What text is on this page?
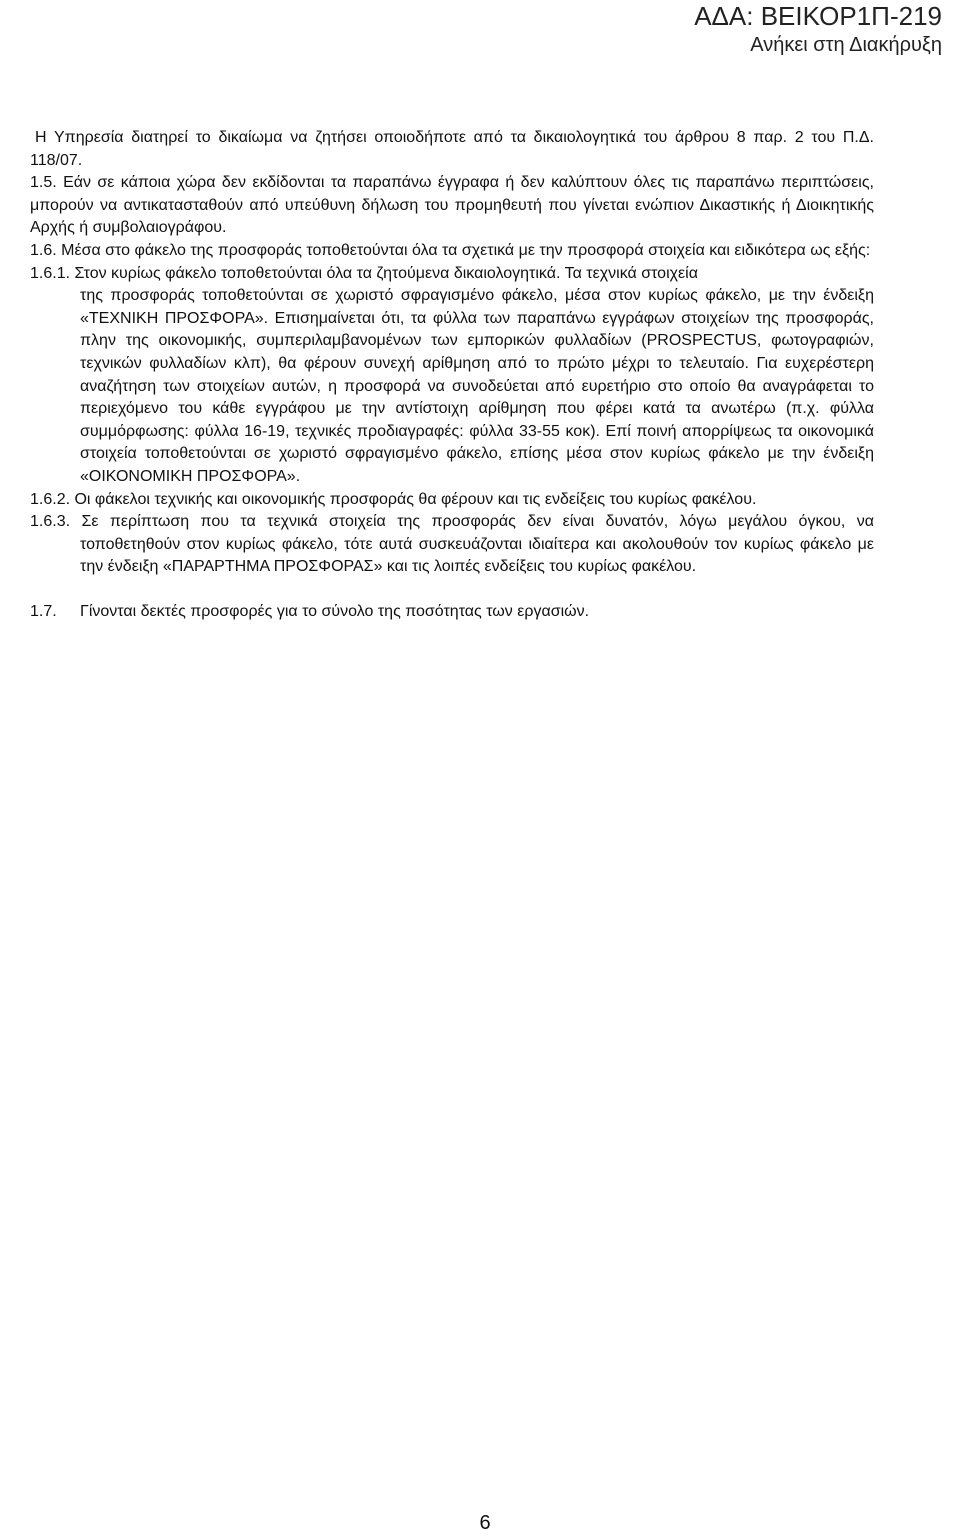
ΑΔΑ: ΒΕΙΚΟΡ1Π-219
Ανήκει στη Διακήρυξη

Η Υπηρεσία διατηρεί το δικαίωμα να ζητήσει οποιοδήποτε από τα δικαιολογητικά του άρθρου 8 παρ. 2 του Π.Δ. 118/07.

1.5. Εάν σε κάποια χώρα δεν εκδίδονται τα παραπάνω έγγραφα ή δεν καλύπτουν όλες τις παραπάνω περιπτώσεις, μπορούν να αντικατασταθούν από υπεύθυνη δήλωση του προμηθευτή που γίνεται ενώπιον Δικαστικής ή Διοικητικής Αρχής ή συμβολαιογράφου.

1.6. Μέσα στο φάκελο της προσφοράς τοποθετούνται όλα τα σχετικά με την προσφορά στοιχεία και ειδικότερα ως εξής:

1.6.1. Στον κυρίως φάκελο τοποθετούνται όλα τα ζητούμενα δικαιολογητικά. Τα τεχνικά στοιχεία

της προσφοράς τοποθετούνται σε χωριστό σφραγισμένο φάκελο, μέσα στον κυρίως φάκελο, με την ένδειξη «ΤΕΧΝΙΚΗ ΠΡΟΣΦΟΡΑ». Επισημαίνεται ότι, τα φύλλα των παραπάνω εγγράφων στοιχείων της προσφοράς, πλην της οικονομικής, συμπεριλαμβανομένων των εμπορικών φυλλαδίων (PROSPECTUS, φωτογραφιών, τεχνικών φυλλαδίων κλπ), θα φέρουν συνεχή αρίθμηση από το πρώτο μέχρι το τελευταίο. Για ευχερέστερη αναζήτηση των στοιχείων αυτών, η προσφορά να συνοδεύεται από ευρετήριο στο οποίο θα αναγράφεται το περιεχόμενο του κάθε εγγράφου με την αντίστοιχη αρίθμηση που φέρει κατά τα ανωτέρω (π.χ. φύλλα συμμόρφωσης: φύλλα 16-19, τεχνικές προδιαγραφές: φύλλα 33-55 κοκ). Επί ποινή απορρίψεως τα οικονομικά στοιχεία τοποθετούνται σε χωριστό σφραγισμένο φάκελο, επίσης μέσα στον κυρίως φάκελο με την ένδειξη «ΟΙΚΟΝΟΜΙΚΗ ΠΡΟΣΦΟΡΑ».

1.6.2. Οι φάκελοι τεχνικής και οικονομικής προσφοράς θα φέρουν και τις ενδείξεις του κυρίως φακέλου.

1.6.3. Σε περίπτωση που τα τεχνικά στοιχεία της προσφοράς δεν είναι δυνατόν, λόγω μεγάλου όγκου, να τοποθετηθούν στον κυρίως φάκελο, τότε αυτά συσκευάζονται ιδιαίτερα και ακολουθούν τον κυρίως φάκελο με την ένδειξη «ΠΑΡΑΡΤΗΜΑ ΠΡΟΣΦΟΡΑΣ» και τις λοιπές ενδείξεις του κυρίως φακέλου.

1.7.	Γίνονται δεκτές προσφορές για το σύνολο της ποσότητας των εργασιών.
6
